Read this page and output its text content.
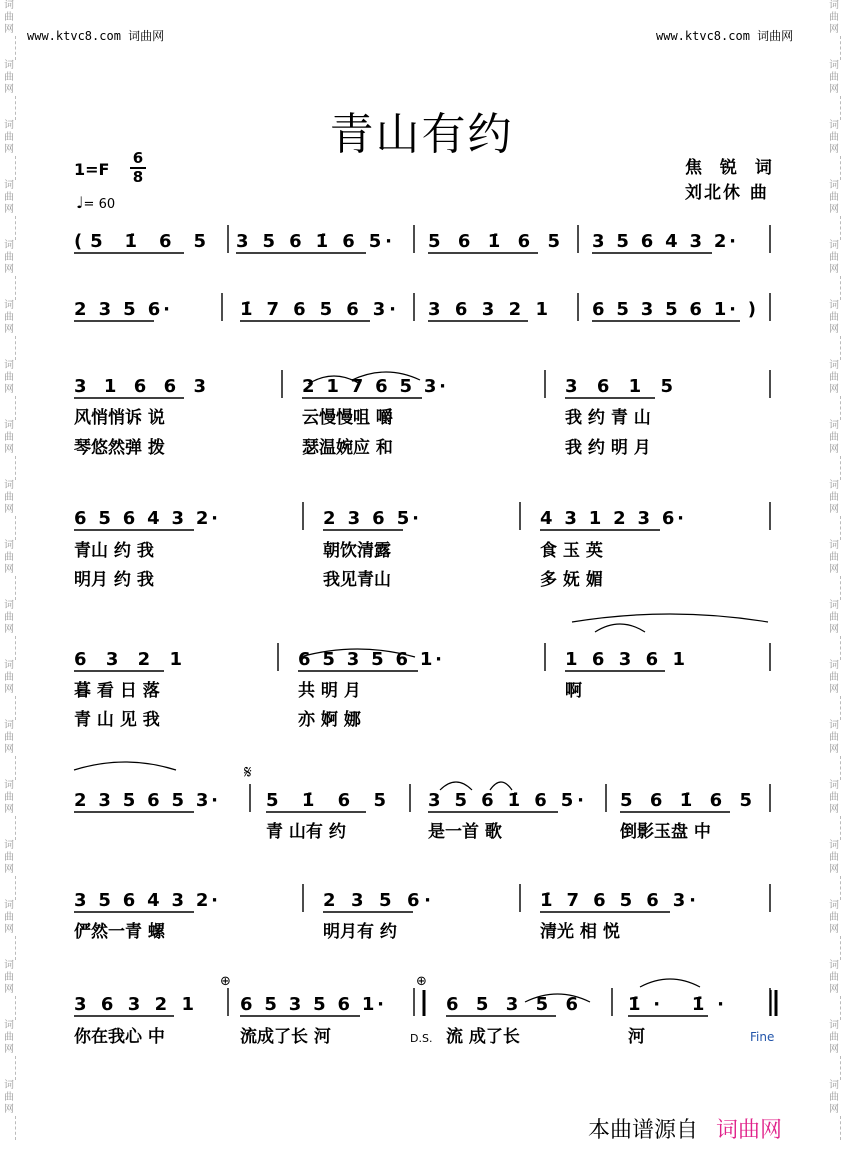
词
曲
网
词
曲
网
词
曲
网
词
曲
网
词
曲
网
词
曲
网
词
曲
网
词
曲
网
词
曲
网
词
曲
网
词
曲
网
词
曲
网
词
曲
网
词
曲
网
词
曲
网
词
曲
网
词
曲
网
词
曲
网
词
曲
网
词
曲
网
词
曲
网
词
曲
网
词
曲
网
词
曲
网
词
曲
网
词
曲
网
词
曲
网
词
曲
网
词
曲
网
词
曲
网
词
曲
网
词
曲
网
词
曲
网
词
曲
网
词
曲
网
词
曲
网
词
曲
网
词
曲
网
www.ktvc8.com 词曲网	www.ktvc8.com 词曲网
青山有约
1=F
6
8
♩= 60
焦 锐 词
刘北休 曲
(5 1̇ 6 5 3 5 6 1̇ 6 5· 5 6 1̇ 6 5 3 5 6 4 3 2·
2 3 5 6·	1̇ 7 6 5 6 3· 3 6 3 2 1 6 5 3 5 6 1· )
3 1 6 6 3	2 1 7 6 5 3·	3 6 1 5
风悄悄诉 说	云慢慢咀 嚼	我 约 青 山
琴悠然弹 拨	瑟温婉应 和	我 约 明 月
6 5 6 4 3 2·	2 3 6 5·	4 3 1 2 3 6·
青山 约 我	朝饮清露	食 玉 英
明月 约 我	我见青山	多 妩 媚
6 3 2 1	6 5 3 5 6 1·	1 6 3 6 1
暮 看 日 落	共 明 月	啊
青 山 见 我	亦 婀 娜
2 3 5 6 5 3·	5 1̇ 6 5 3 5 6 1̇ 6 5· 5 6 1̇ 6 5
青 山有 约	是一首 歌	倒影玉盘 中
3 5 6 4 3 2·	2 3 5 6·	1̇ 7 6 5 6 3·
俨然一青 螺	明月有 约	清光 相 悦
3 6 3 2 1	6 5 3 5 6 1·	6 5 3 5 6	1̇· 1̇·
你在我心 中	流成了长 河	流 成了长	河
𝄋
⊕	⊕
D.S.	Fine
本曲谱源自 词曲网
